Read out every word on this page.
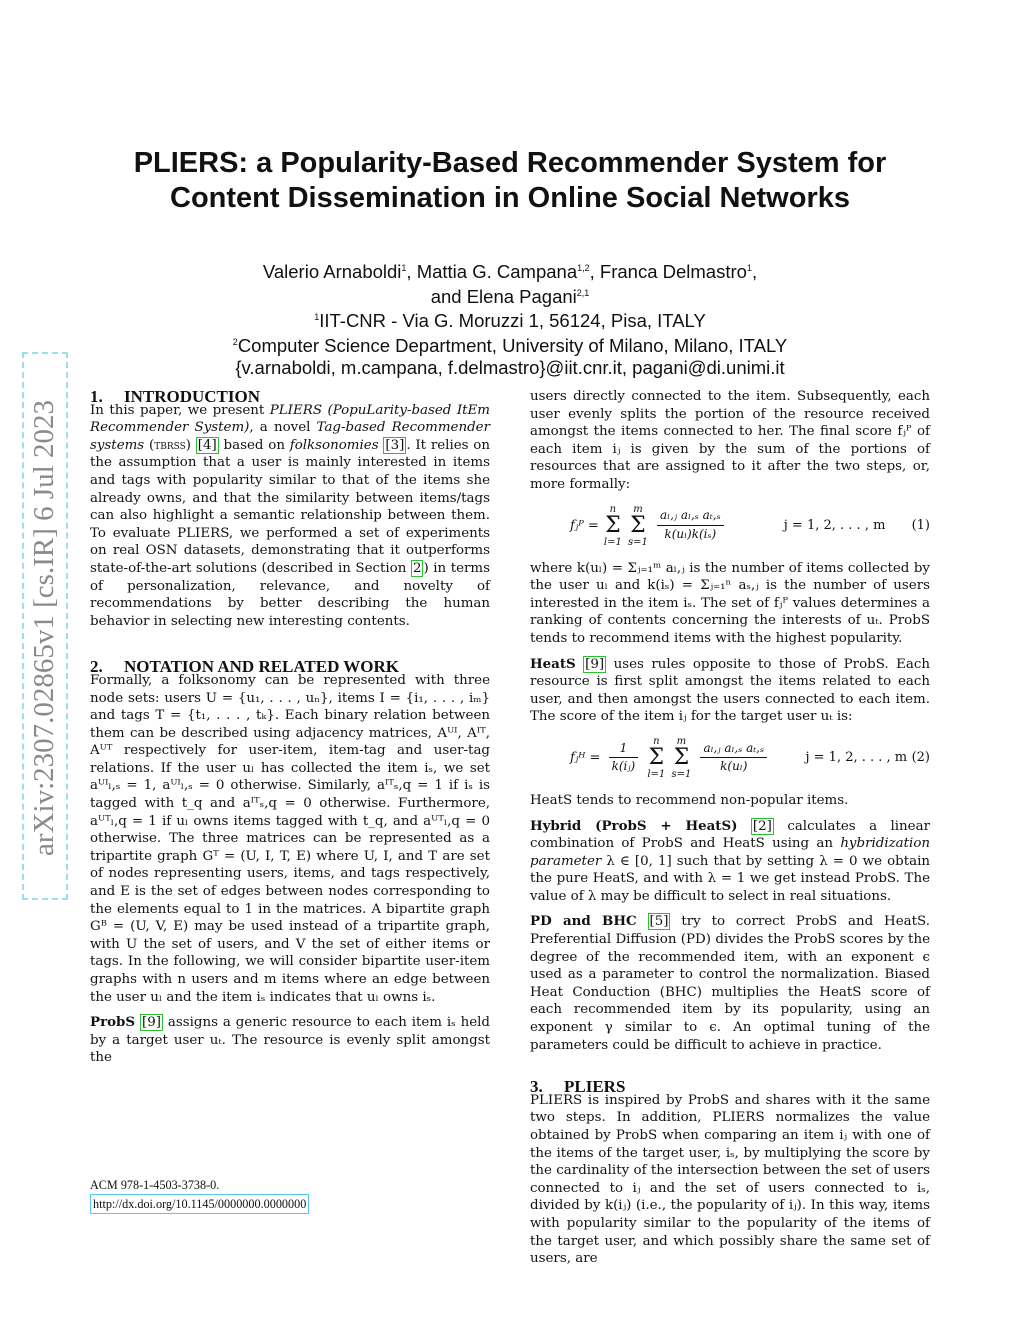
arXiv:2307.02865v1 [cs.IR] 6 Jul 2023
PLIERS: a Popularity-Based Recommender System for
Content Dissemination in Online Social Networks
Valerio Arnaboldi$^1$, Mattia G. Campana$^{1,2}$, Franca Delmastro$^1$,
and Elena Pagani$^{2,1}$
$^1$IIT-CNR - Via G. Moruzzi 1, 56124, Pisa, ITALY
$^2$Computer Science Department, University of Milano, Milano, ITALY
{v.arnaboldi, m.campana, f.delmastro}@iit.cnr.it, pagani@di.unimi.it
1. INTRODUCTION

In this paper, we present PLIERS (PopuLarity-based ItEm Recommender System), a novel Tag-based Recommender systems (tbrss) [4] based on folksonomies [3] . It relies on the assumption that a user is mainly interested in items and tags with popularity similar to that of the items she already owns, and that the similarity between items/tags can also highlight a semantic relationship between them. To evaluate PLIERS, we performed a set of experiments on real OSN datasets, demonstrating that it outperforms state-of-the-art solutions (described in Section 2 ) in terms of personalization, relevance, and novelty of recommendations by better describing the human behavior in selecting new interesting contents.

2. NOTATION AND RELATED WORK

Formally, a folksonomy can be represented with three node sets: users U = {u₁, . . . , uₙ}, items I = {i₁, . . . , iₘ} and tags T = {t₁, . . . , tₖ}. Each binary relation between them can be described using adjacency matrices, Aᵁᴵ, Aᴵᵀ, Aᵁᵀ respectively for user-item, item-tag and user-tag relations. If the user uₗ has collected the item iₛ, we set aᵁᴵₗ,ₛ = 1, aᵁᴵₗ,ₛ = 0 otherwise. Similarly, aᴵᵀₛ,q = 1 if iₛ is tagged with t_q and aᴵᵀₛ,q = 0 otherwise. Furthermore, aᵁᵀₗ,q = 1 if uₗ owns items tagged with t_q, and aᵁᵀₗ,q = 0 otherwise. The three matrices can be represented as a tripartite graph Gᵀ = (U, I, T, E) where U, I, and T are set of nodes representing users, items, and tags respectively, and E is the set of edges between nodes corresponding to the elements equal to 1 in the matrices. A bipartite graph Gᴮ = (U, V, E) may be used instead of a tripartite graph, with U the set of users, and V the set of either items or tags. In the following, we will consider bipartite user-item graphs with n users and m items where an edge between the user uₗ and the item iₛ indicates that uₗ owns iₛ.

ProbS [9] assigns a generic resource to each item iₛ held by a target user uₜ. The resource is evenly split amongst the

users directly connected to the item. Subsequently, each user evenly splits the portion of the resource received amongst the items connected to her. The final score fⱼᴾ of each item iⱼ is given by the sum of the portions of resources that are assigned to it after the two steps, or, more formally:

fⱼᴾ = n
Σ
l=1 m
Σ
$s=1 \frac{\text{aₗ,ⱼ aₗ,ₛ aₜ,ₛ}}{\text{k(uₗ)k(iₛ)}}$	j = 1, 2, . . . , m (1)

where k(uₗ) = Σⱼ₌₁ᵐ aₗ,ⱼ is the number of items collected by the user uₗ and k(iₛ) = Σⱼ₌₁ⁿ aₛ,ⱼ is the number of users interested in the item iₛ. The set of fⱼᴾ values determines a ranking of contents concerning the interests of uₜ. ProbS tends to recommend items with the highest popularity.

HeatS [9] uses rules opposite to those of ProbS. Each resource is first split amongst the items related to each user, and then amongst the users connected to each item. The score of the item iⱼ for the target user uₜ is:

fⱼᴴ = $\frac{1}{\text{k(iⱼ)}}$ n
Σ
l=1 m
Σ
$s=1 \frac{\text{aₗ,ⱼ aₗ,ₛ aₜ,ₛ}}{\text{k(uₗ)}}$	j = 1, 2, . . . , m (2)

HeatS tends to recommend non-popular items.

Hybrid (ProbS + HeatS) [2] calculates a linear combination of ProbS and HeatS using an hybridization parameter λ ∈ [0, 1] such that by setting λ = 0 we obtain the pure HeatS, and with λ = 1 we get instead ProbS. The value of λ may be difficult to select in real situations.

PD and BHC [5] try to correct ProbS and HeatS. Preferential Diffusion (PD) divides the ProbS scores by the degree of the recommended item, with an exponent ϵ used as a parameter to control the normalization. Biased Heat Conduction (BHC) multiplies the HeatS score of each recommended item by its popularity, using an exponent γ similar to ϵ. An optimal tuning of the parameters could be difficult to achieve in practice.

3. PLIERS

PLIERS is inspired by ProbS and shares with it the same two steps. In addition, PLIERS normalizes the value obtained by ProbS when comparing an item iⱼ with one of the items of the target user, iₛ, by multiplying the score by the cardinality of the intersection between the set of users connected to iⱼ and the set of users connected to iₛ, divided by k(iⱼ) (i.e., the popularity of iⱼ). In this way, items with popularity similar to the popularity of the items of the target user, and which possibly share the same set of users, are

ACM 978-1-4503-3738-0.
http://dx.doi.org/10.1145/0000000.0000000
